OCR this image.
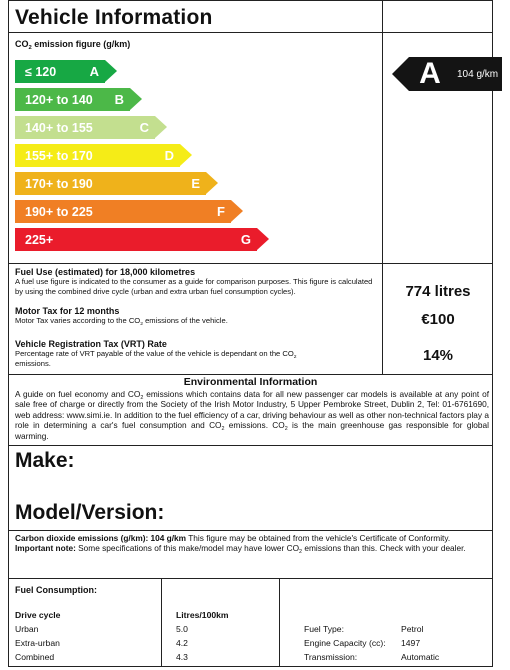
Vehicle Information
$CO_2$ emission figure (g/km)
≤ 120	A
120+ to 140 B
140+ to 155	C
155+ to 170	D
170+ to 190	E
190+ to 225	F
225+	G
A	104 g/km
Fuel Use (estimated) for 18,000 kilometres
A fuel use figure is indicated to the consumer as a guide for comparison purposes. This figure is calculated by using the combined drive cycle (urban and extra urban fuel consumption cycles).	774 litres
Motor Tax for 12 months
Motor Tax varies according to the $CO_2$ emissions of the vehicle.	€100
Vehicle Registration Tax (VRT) Rate
Percentage rate of VRT payable of the value of the vehicle is dependant on the $CO_2$ emissions.	14%
Environmental Information
A guide on fuel economy and $CO_2$ emissions which contains data for all new passenger car models is available at any point of sale free of charge or directly from the Society of the Irish Motor Industry, 5 Upper Pembroke Street, Dublin 2, Tel: 01-6761690, web address: www.simi.ie. In addition to the fuel efficiency of a car, driving behaviour as well as other non-technical factors play a role in determining a car's fuel consumption and $CO_2$ emissions. $CO_2$ is the main greenhouse gas responsible for global warming.
Make:
Model/Version:
Carbon dioxide emissions (g/km): 104 g/km This figure may be obtained from the vehicle's Certificate of Conformity.
Important note: Some specifications of this make/model may have lower $CO_2$ emissions than this. Check with your dealer.
Fuel Consumption:
Drive cycle	Litres/100km
Urban	5.0
Extra-urban	4.2
Combined	4.3
Fuel Type:	Petrol
Engine Capacity (cc): 1497
Transmission:	Automatic
